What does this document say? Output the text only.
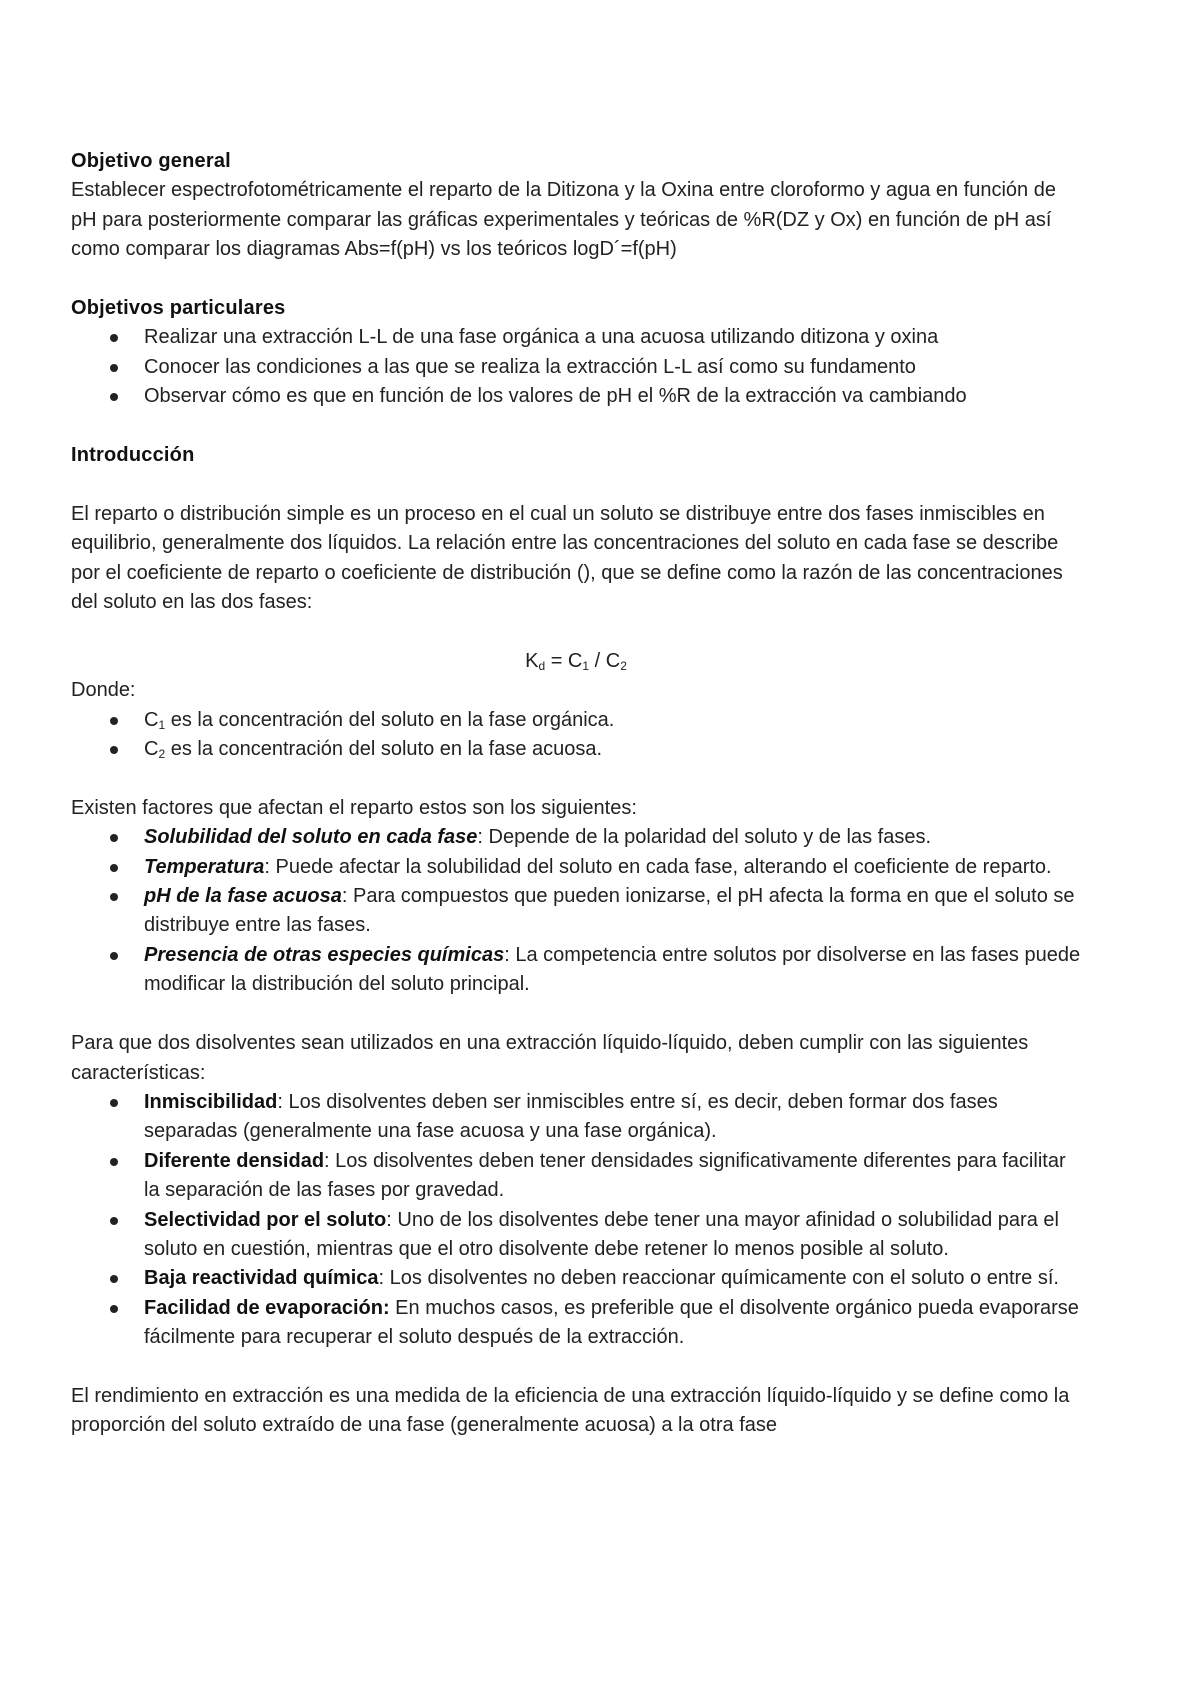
Objetivo general

Establecer espectrofotométricamente el reparto de la Ditizona y la Oxina entre cloroformo y agua en función de pH para posteriormente comparar las gráficas experimentales y teóricas de %R(DZ y Ox) en función de pH así como comparar los diagramas Abs=f(pH) vs los teóricos logD´=f(pH)

Objetivos particulares

Realizar una extracción L-L de una fase orgánica a una acuosa utilizando ditizona y oxina
Conocer las condiciones a las que se realiza la extracción L-L así como su fundamento
Observar cómo es que en función de los valores de pH el %R de la extracción va cambiando

Introducción

El reparto o distribución simple es un proceso en el cual un soluto se distribuye entre dos fases inmiscibles en equilibrio, generalmente dos líquidos. La relación entre las concentraciones del soluto en cada fase se describe por el coeficiente de reparto o coeficiente de distribución (), que se define como la razón de las concentraciones del soluto en las dos fases:

$K_d = C_1 / C_2$

Donde:

$C_1$ es la concentración del soluto en la fase orgánica.
$C_2$ es la concentración del soluto en la fase acuosa.

Existen factores que afectan el reparto estos son los siguientes:

Solubilidad del soluto en cada fase: Depende de la polaridad del soluto y de las fases.
Temperatura: Puede afectar la solubilidad del soluto en cada fase, alterando el coeficiente de reparto.
pH de la fase acuosa: Para compuestos que pueden ionizarse, el pH afecta la forma en que el soluto se distribuye entre las fases.
Presencia de otras especies químicas: La competencia entre solutos por disolverse en las fases puede modificar la distribución del soluto principal.

Para que dos disolventes sean utilizados en una extracción líquido-líquido, deben cumplir con las siguientes características:

Inmiscibilidad: Los disolventes deben ser inmiscibles entre sí, es decir, deben formar dos fases separadas (generalmente una fase acuosa y una fase orgánica).
Diferente densidad: Los disolventes deben tener densidades significativamente diferentes para facilitar la separación de las fases por gravedad.
Selectividad por el soluto: Uno de los disolventes debe tener una mayor afinidad o solubilidad para el soluto en cuestión, mientras que el otro disolvente debe retener lo menos posible al soluto.
Baja reactividad química: Los disolventes no deben reaccionar químicamente con el soluto o entre sí.
Facilidad de evaporación: En muchos casos, es preferible que el disolvente orgánico pueda evaporarse fácilmente para recuperar el soluto después de la extracción.

El rendimiento en extracción es una medida de la eficiencia de una extracción líquido-líquido y se define como la proporción del soluto extraído de una fase (generalmente acuosa) a la otra fase
